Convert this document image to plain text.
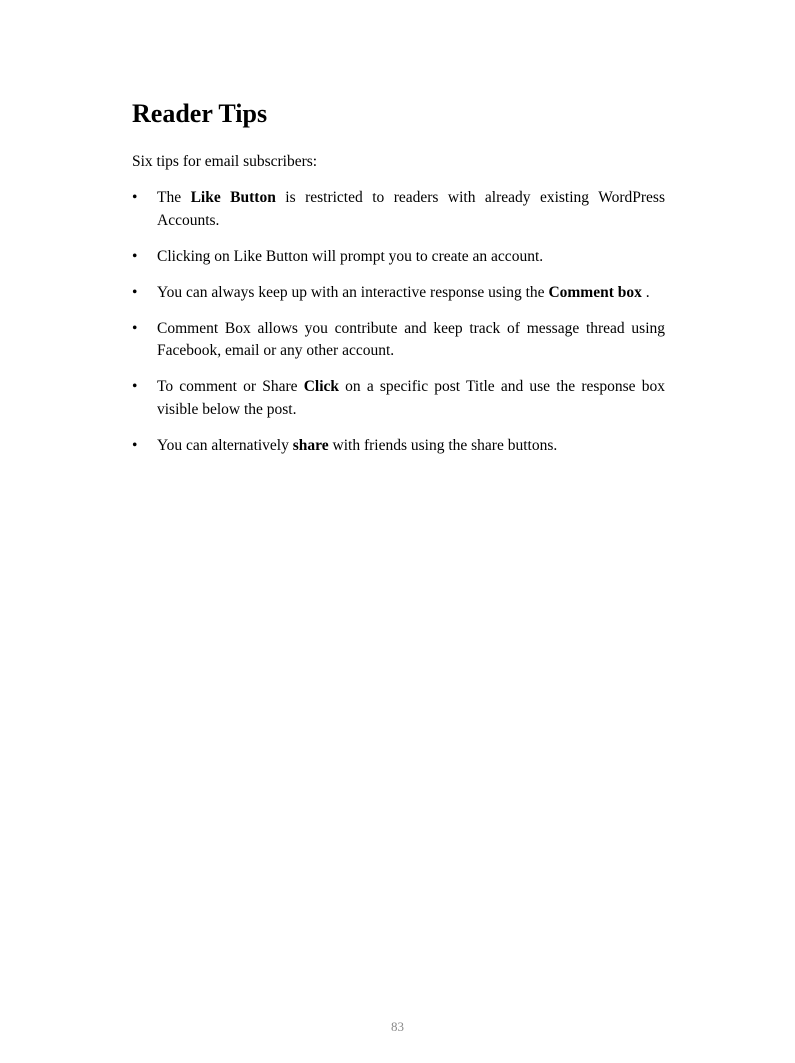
Reader Tips

Six tips for email subscribers:

• The Like Button is restricted to readers with already existing WordPress Accounts.
• Clicking on Like Button will prompt you to create an account.
• You can always keep up with an interactive response using the Comment box .
• Comment Box allows you contribute and keep track of message thread using Facebook, email or any other account.
• To comment or Share Click on a specific post Title and use the response box visible below the post.
• You can alternatively share with friends using the share buttons.
83
